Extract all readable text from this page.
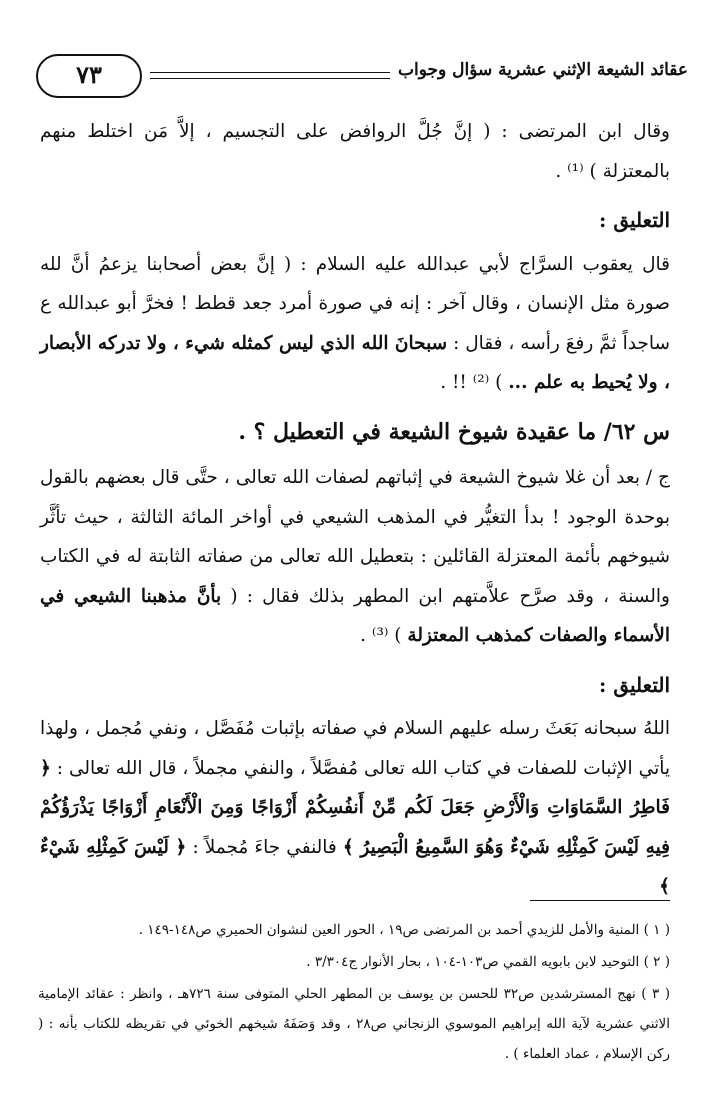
٧٣	عقائد الشيعة الإثني عشرية سؤال وجواب

وقال ابن المرتضى : ( إنَّ جُلَّ الروافض على التجسيم ، إلاَّ مَن اختلط منهم بالمعتزلة ) ⁽¹⁾ .

التعليق :

قال يعقوب السرَّاج لأبي عبدالله عليه السلام : ( إنَّ بعض أصحابنا يزعمُ أنَّ لله صورة مثل الإنسان ، وقال آخر : إنه في صورة أمرد جعد قطط ! فخرَّ أبو عبدالله ع ساجداً ثمَّ رفعَ رأسه ، فقال : سبحانَ الله الذي ليس كمثله شيء ، ولا تدركه الأبصار ، ولا يُحيط به علم ... ) ⁽²⁾ !! .

س ٦٢/ ما عقيدة شيوخ الشيعة في التعطيل ؟ .

ج / بعد أن غلا شيوخ الشيعة في إثباتهم لصفات الله تعالى ، حتَّى قال بعضهم بالقول بوحدة الوجود ! بدأ التغيُّر في المذهب الشيعي في أواخر المائة الثالثة ، حيث تأثَّر شيوخهم بأئمة المعتزلة القائلين : بتعطيل الله تعالى من صفاته الثابتة له في الكتاب والسنة ، وقد صرَّح علاَّمتهم ابن المطهر بذلك فقال : ( بأنَّ مذهبنا الشيعي في الأسماء والصفات كمذهب المعتزلة ) ⁽³⁾ .

التعليق :

اللهُ سبحانه بَعَثَ رسله عليهم السلام في صفاته بإثبات مُفَصَّل ، ونفي مُجمل ، ولهذا يأتي الإثبات للصفات في كتاب الله تعالى مُفصَّلاً ، والنفي مجملاً ، قال الله تعالى : ﴿ فَاطِرُ السَّمَاوَاتِ وَالْأَرْضِ جَعَلَ لَكُم مِّنْ أَنفُسِكُمْ أَزْوَاجًا وَمِنَ الْأَنْعَامِ أَزْوَاجًا يَذْرَؤُكُمْ فِيهِ لَيْسَ كَمِثْلِهِ شَيْءٌ وَهُوَ السَّمِيعُ الْبَصِيرُ ﴾ فالنفي جاءَ مُجملاً : ﴿ لَيْسَ كَمِثْلِهِ شَيْءٌ ﴾

( ١ ) المنية والأمل للزيدي أحمد بن المرتضى ص١٩ ، الحور العين لنشوان الحميري ص١٤٨-١٤٩ .

( ٢ ) التوحيد لابن بابويه القمي ص١٠٣-١٠٤ ، بحار الأنوار ج٣/٣٠٤ .

( ٣ ) نهج المسترشدين ص٣٢ للحسن بن يوسف بن المطهر الحلي المتوفى سنة ٧٢٦هـ ، وانظر : عقائد الإمامية الاثني عشرية لآية الله إبراهيم الموسوي الزنجاني ص٢٨ ، وقد وَصَفَهُ شيخهم الخوئي في تقريظه للكتاب بأنه : ( ركن الإسلام ، عماد العلماء ) .
